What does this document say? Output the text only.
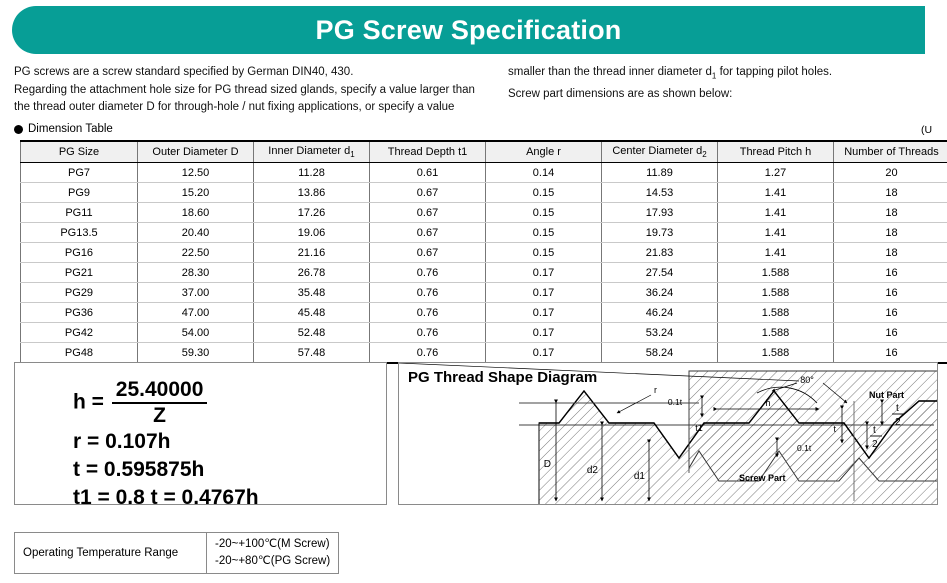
PG Screw Specification

PG screws are a screw standard specified by German DIN40, 430.

Regarding the attachment hole size for PG thread sized glands, specify a value larger than

the thread outer diameter D for through-hole / nut fixing applications, or specify a value

smaller than the thread inner diameter $d_1$ for tapping pilot holes.

Screw part dimensions are as shown below:

Dimension Table	(U
PG Size	Outer Diameter D	Inner Diameter $d_1$	Thread Depth t1	Angle r	Center Diameter $d_2$	Thread Pitch h	Number of Threads	
PG7	12.50	11.28	0.61	0.14	11.89	1.27	20	
PG9	15.20	13.86	0.67	0.15	14.53	1.41	18	
PG11	18.60	17.26	0.67	0.15	17.93	1.41	18	
PG13.5	20.40	19.06	0.67	0.15	19.73	1.41	18	
PG16	22.50	21.16	0.67	0.15	21.83	1.41	18	
PG21	28.30	26.78	0.76	0.17	27.54	1.588	16	
PG29	37.00	35.48	0.76	0.17	36.24	1.588	16	
PG36	47.00	45.48	0.76	0.17	46.24	1.588	16	
PG42	54.00	52.48	0.76	0.17	53.24	1.588	16	
PG48	59.30	57.48	0.76	0.17	58.24	1.588	16	
$h = \frac{25.40000}{Z}$
r = 0.107h
t = 0.595875h
t1 = 0.8 t = 0.4767h
PG Thread Shape Diagram	80°
r
h
0.1t
0.1t
t1	t
t
2
t
2
D
d2
d1
Nut Part
Screw Part
Operating Temperature Range	
-20~+100℃(M Screw)
-20~+80℃(PG Screw)
